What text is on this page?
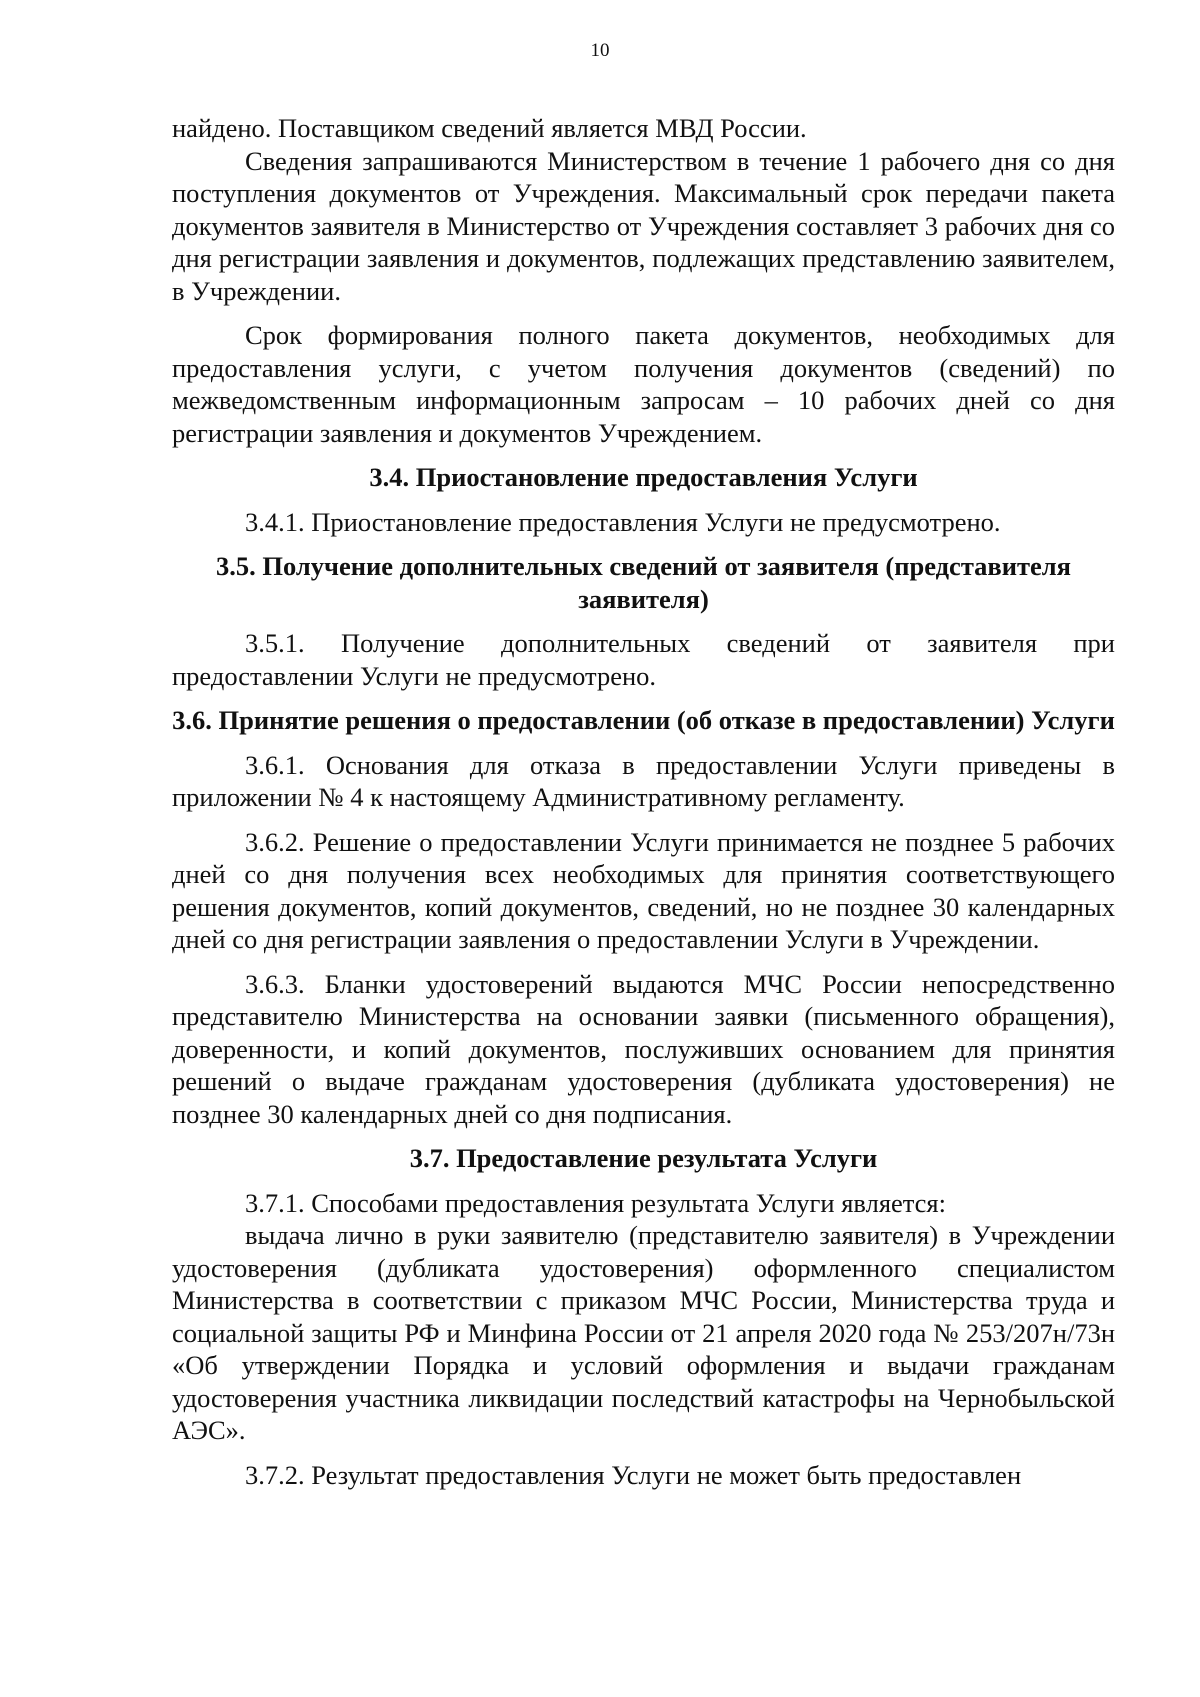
10

найдено. Поставщиком сведений является МВД России.

Сведения запрашиваются Министерством в течение 1 рабочего дня со дня поступления документов от Учреждения. Максимальный срок передачи пакета документов заявителя в Министерство от Учреждения составляет 3 рабочих дня со дня регистрации заявления и документов, подлежащих представлению заявителем, в Учреждении.

Срок формирования полного пакета документов, необходимых для предоставления услуги, с учетом получения документов (сведений) по межведомственным информационным запросам – 10 рабочих дней со дня регистрации заявления и документов Учреждением.

3.4. Приостановление предоставления Услуги

3.4.1. Приостановление предоставления Услуги не предусмотрено.

3.5. Получение дополнительных сведений от заявителя (представителя заявителя)

3.5.1. Получение дополнительных сведений от заявителя при предоставлении Услуги не предусмотрено.

3.6. Принятие решения о предоставлении (об отказе в предоставлении) Услуги

3.6.1. Основания для отказа в предоставлении Услуги приведены в приложении № 4 к настоящему Административному регламенту.

3.6.2. Решение о предоставлении Услуги принимается не позднее 5 рабочих дней со дня получения всех необходимых для принятия соответствующего решения документов, копий документов, сведений, но не позднее 30 календарных дней со дня регистрации заявления о предоставлении Услуги в Учреждении.

3.6.3. Бланки удостоверений выдаются МЧС России непосредственно представителю Министерства на основании заявки (письменного обращения), доверенности, и копий документов, послуживших основанием для принятия решений о выдаче гражданам удостоверения (дубликата удостоверения) не позднее 30 календарных дней со дня подписания.

3.7. Предоставление результата Услуги

3.7.1. Способами предоставления результата Услуги является:

выдача лично в руки заявителю (представителю заявителя) в Учреждении удостоверения (дубликата удостоверения) оформленного специалистом Министерства в соответствии с приказом МЧС России, Министерства труда и социальной защиты РФ и Минфина России от 21 апреля 2020 года № 253/207н/73н «Об утверждении Порядка и условий оформления и выдачи гражданам удостоверения участника ликвидации последствий катастрофы на Чернобыльской АЭС».

3.7.2. Результат предоставления Услуги не может быть предоставлен
